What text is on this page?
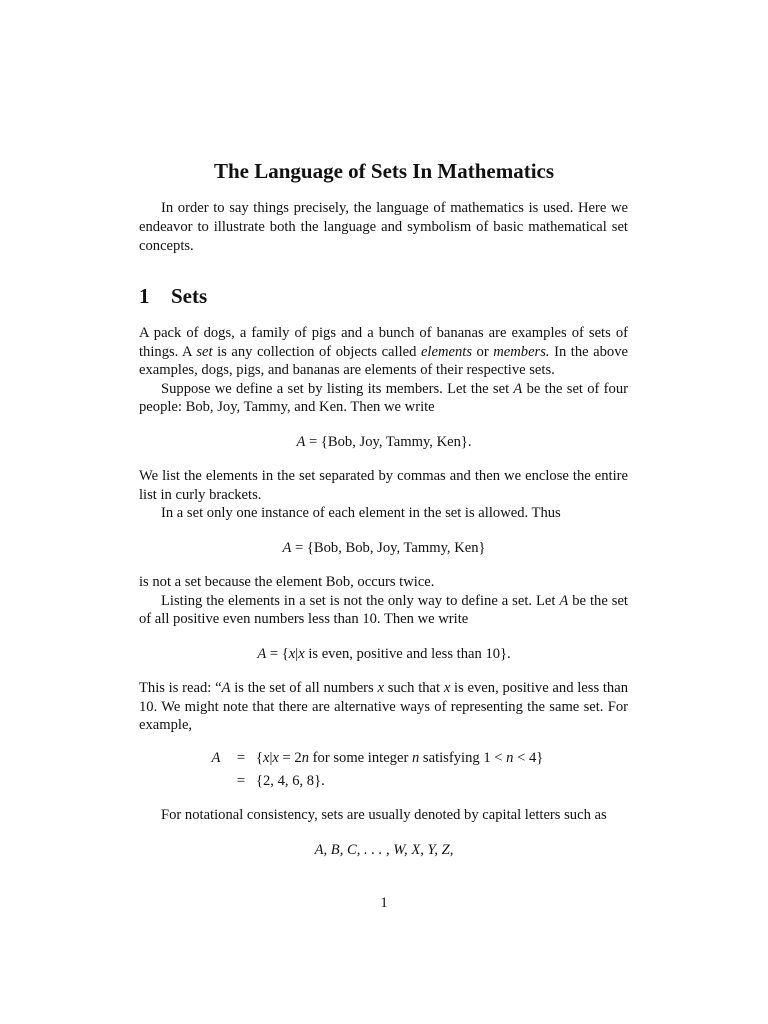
The Language of Sets In Mathematics

In order to say things precisely, the language of mathematics is used. Here we endeavor to illustrate both the language and symbolism of basic mathematical set concepts.

1 Sets

A pack of dogs, a family of pigs and a bunch of bananas are examples of sets of things. A set is any collection of objects called elements or members. In the above examples, dogs, pigs, and bananas are elements of their respective sets.

Suppose we define a set by listing its members. Let the set A be the set of four people: Bob, Joy, Tammy, and Ken. Then we write

A = {Bob, Joy, Tammy, Ken}.

We list the elements in the set separated by commas and then we enclose the entire list in curly brackets.

In a set only one instance of each element in the set is allowed. Thus

A = {Bob, Bob, Joy, Tammy, Ken}

is not a set because the element Bob, occurs twice.

Listing the elements in a set is not the only way to define a set. Let A be the set of all positive even numbers less than 10. Then we write

A = {x|x is even, positive and less than 10}.

This is read: “A is the set of all numbers x such that x is even, positive and less than 10. We might note that there are alternative ways of representing the same set. For example,

A	= {x|x = 2n for some integer n satisfying 1 < n < 4}
= {2, 4, 6, 8}.

For notational consistency, sets are usually denoted by capital letters such as

A, B, C, . . . , W, X, Y, Z,
1
